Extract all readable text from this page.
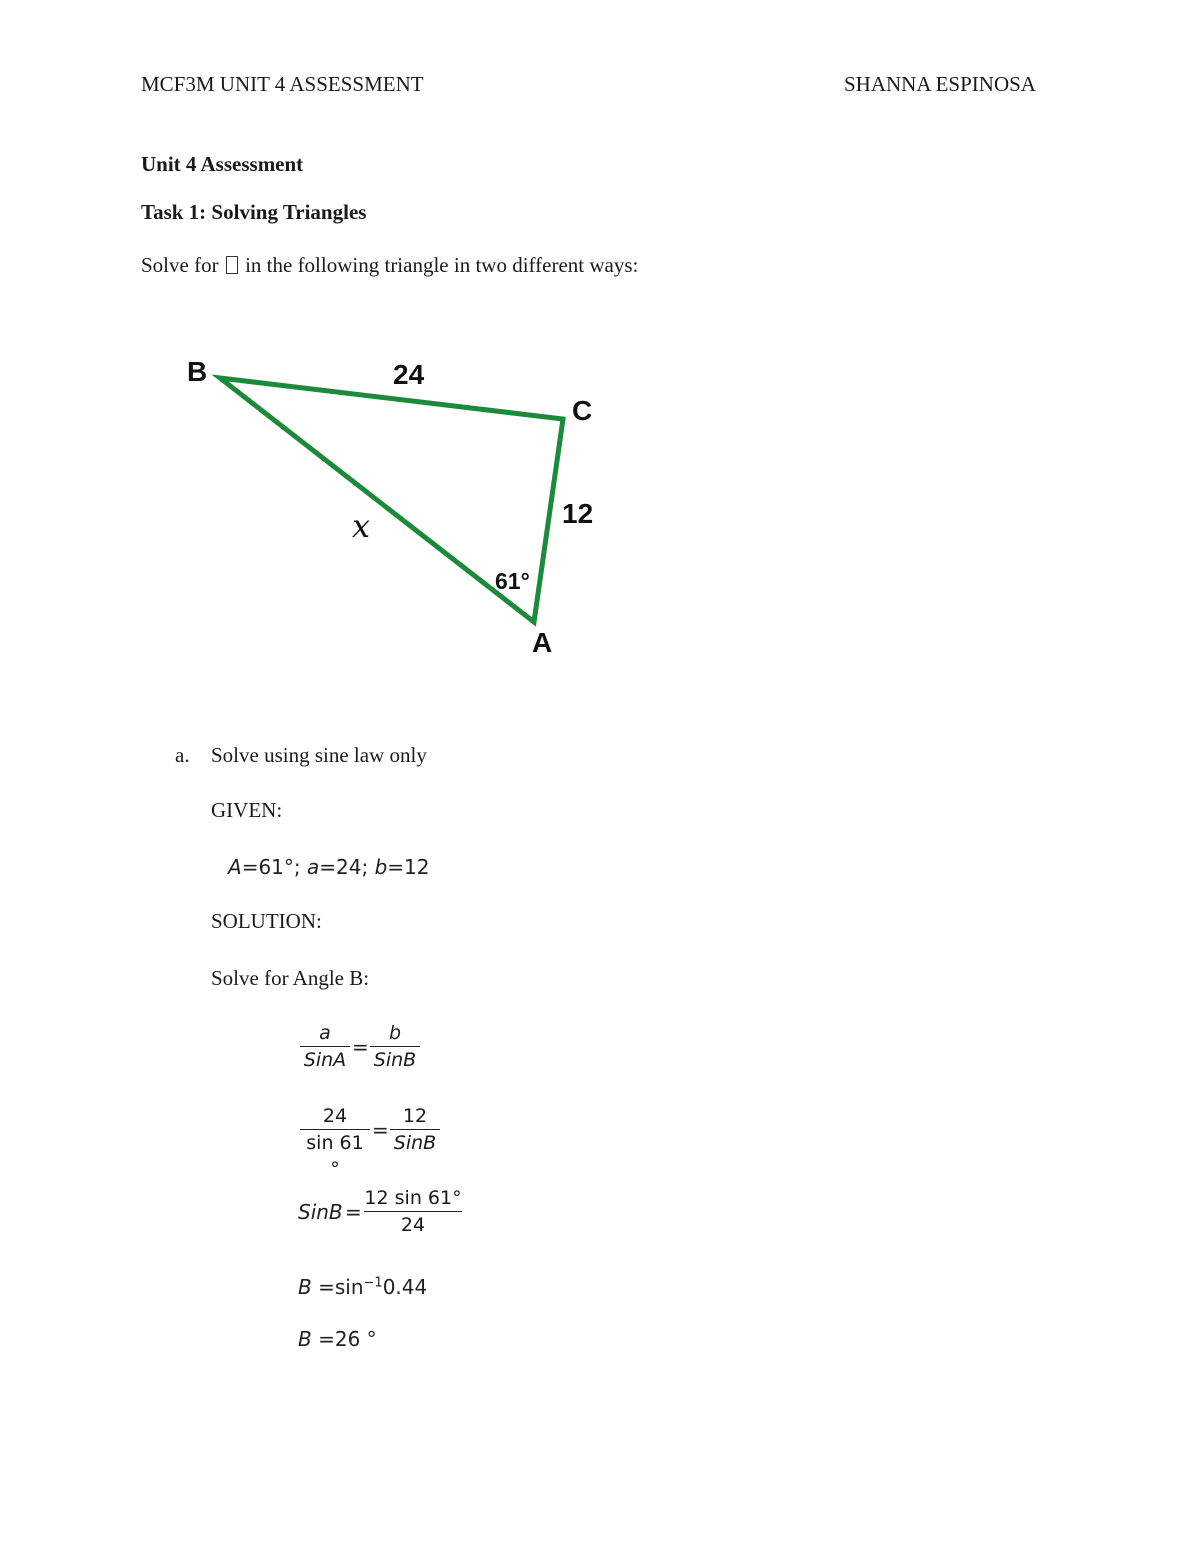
MCF3M UNIT 4 ASSESSMENT	SHANNA ESPINOSA
Unit 4 Assessment
Task 1: Solving Triangles
Solve for in the following triangle in two different ways:
B
C
A
24
12
x
61°
a. Solve using sine law only
GIVEN:
A=61°; a=24; b=12
SOLUTION:
Solve for Angle B:
a
SinA
=
b
SinB
$\frac{24}{\sin 61 ^\circ}$ =
12
SinB
SinB = $\frac{12 \sin 61^\circ}{24}$
$B =\sin^{-1}0.44$
B =26 °
